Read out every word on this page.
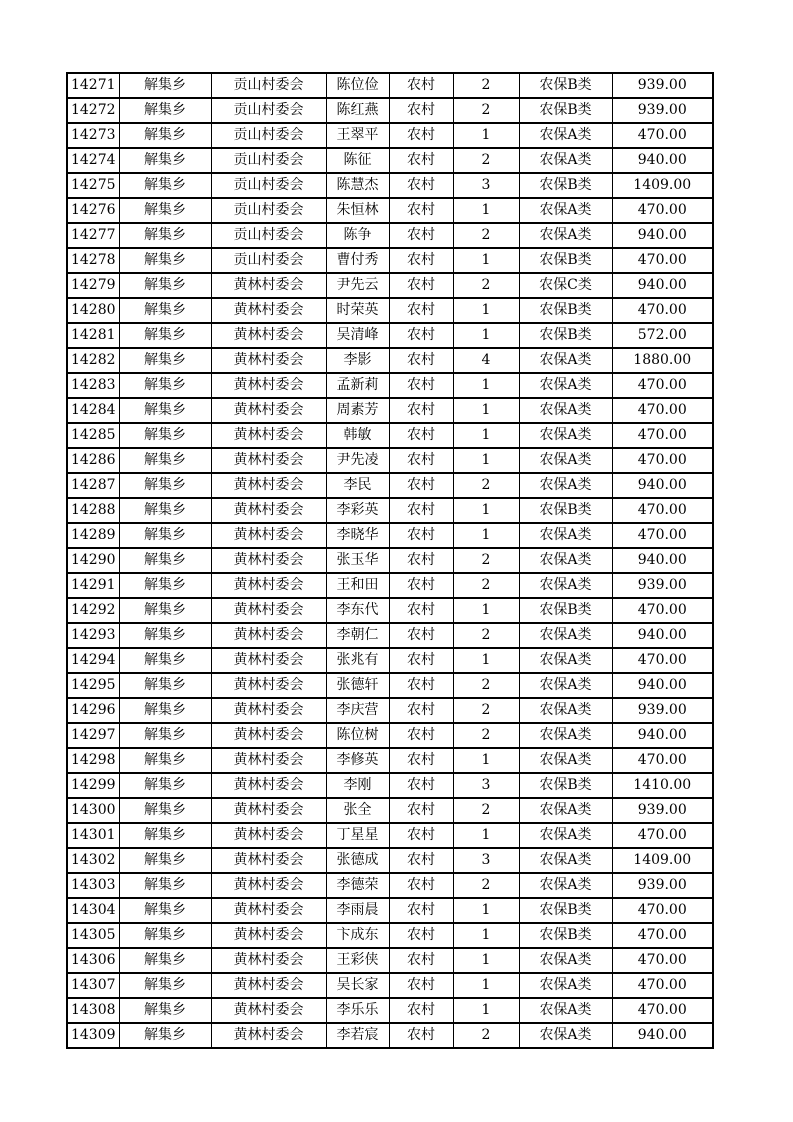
14271	解集乡	贡山村委会	陈位俭	农村	2	农保B类	939.00
14272	解集乡	贡山村委会	陈红燕	农村	2	农保B类	939.00
14273	解集乡	贡山村委会	王翠平	农村	1	农保A类	470.00
14274	解集乡	贡山村委会	陈征	农村	2	农保A类	940.00
14275	解集乡	贡山村委会	陈慧杰	农村	3	农保B类	1409.00
14276	解集乡	贡山村委会	朱恒林	农村	1	农保A类	470.00
14277	解集乡	贡山村委会	陈争	农村	2	农保A类	940.00
14278	解集乡	贡山村委会	曹付秀	农村	1	农保B类	470.00
14279	解集乡	黄林村委会	尹先云	农村	2	农保C类	940.00
14280	解集乡	黄林村委会	时荣英	农村	1	农保B类	470.00
14281	解集乡	黄林村委会	吴清峰	农村	1	农保B类	572.00
14282	解集乡	黄林村委会	李影	农村	4	农保A类	1880.00
14283	解集乡	黄林村委会	孟新莉	农村	1	农保A类	470.00
14284	解集乡	黄林村委会	周素芳	农村	1	农保A类	470.00
14285	解集乡	黄林村委会	韩敏	农村	1	农保A类	470.00
14286	解集乡	黄林村委会	尹先凌	农村	1	农保A类	470.00
14287	解集乡	黄林村委会	李民	农村	2	农保A类	940.00
14288	解集乡	黄林村委会	李彩英	农村	1	农保B类	470.00
14289	解集乡	黄林村委会	李晓华	农村	1	农保A类	470.00
14290	解集乡	黄林村委会	张玉华	农村	2	农保A类	940.00
14291	解集乡	黄林村委会	王和田	农村	2	农保A类	939.00
14292	解集乡	黄林村委会	李东代	农村	1	农保B类	470.00
14293	解集乡	黄林村委会	李朝仁	农村	2	农保A类	940.00
14294	解集乡	黄林村委会	张兆有	农村	1	农保A类	470.00
14295	解集乡	黄林村委会	张德轩	农村	2	农保A类	940.00
14296	解集乡	黄林村委会	李庆营	农村	2	农保A类	939.00
14297	解集乡	黄林村委会	陈位树	农村	2	农保A类	940.00
14298	解集乡	黄林村委会	李修英	农村	1	农保A类	470.00
14299	解集乡	黄林村委会	李刚	农村	3	农保B类	1410.00
14300	解集乡	黄林村委会	张全	农村	2	农保A类	939.00
14301	解集乡	黄林村委会	丁星星	农村	1	农保A类	470.00
14302	解集乡	黄林村委会	张德成	农村	3	农保A类	1409.00
14303	解集乡	黄林村委会	李德荣	农村	2	农保A类	939.00
14304	解集乡	黄林村委会	李雨晨	农村	1	农保B类	470.00
14305	解集乡	黄林村委会	卞成东	农村	1	农保B类	470.00
14306	解集乡	黄林村委会	王彩侠	农村	1	农保A类	470.00
14307	解集乡	黄林村委会	吴长家	农村	1	农保A类	470.00
14308	解集乡	黄林村委会	李乐乐	农村	1	农保A类	470.00
14309	解集乡	黄林村委会	李若宸	农村	2	农保A类	940.00
